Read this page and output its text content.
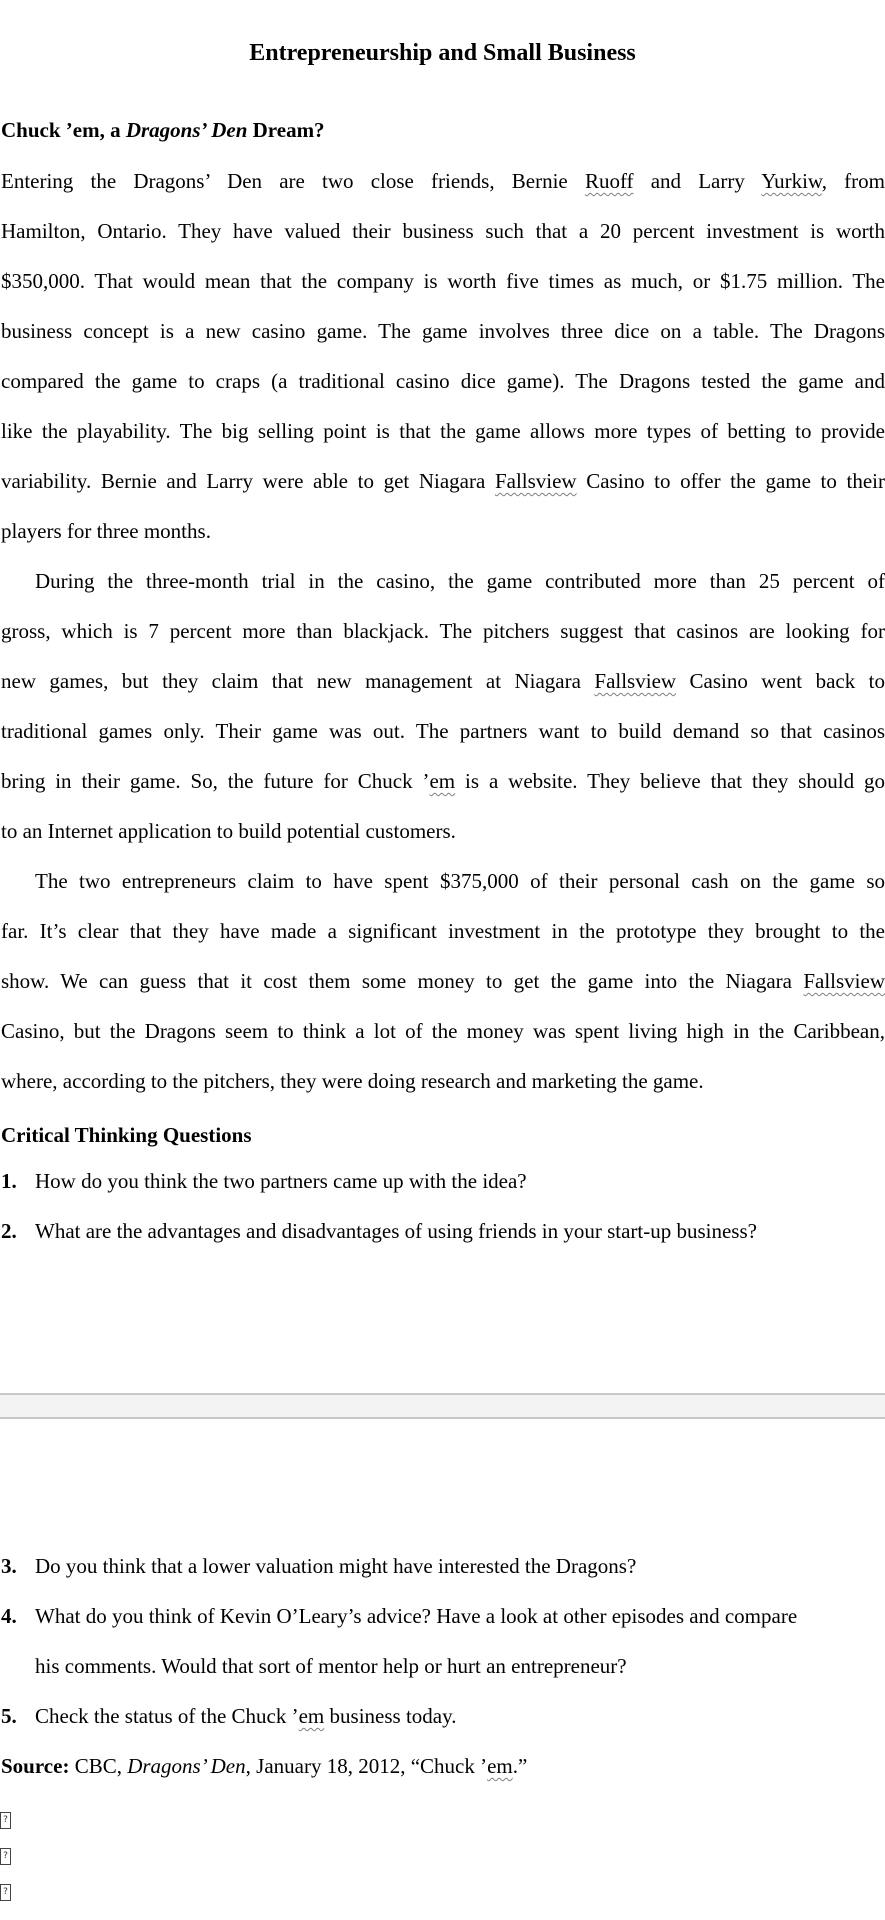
Entrepreneurship and Small Business
Chuck ’em, a Dragons’ Den Dream?
Entering the Dragons’ Den are two close friends, Bernie Ruoff and Larry Yurkiw, from
Hamilton, Ontario. They have valued their business such that a 20 percent investment is worth
$350,000. That would mean that the company is worth five times as much, or $1.75 million. The
business concept is a new casino game. The game involves three dice on a table. The Dragons
compared the game to craps (a traditional casino dice game). The Dragons tested the game and
like the playability. The big selling point is that the game allows more types of betting to provide
variability. Bernie and Larry were able to get Niagara Fallsview Casino to offer the game to their
players for three months.
During the three-month trial in the casino, the game contributed more than 25 percent of
gross, which is 7 percent more than blackjack. The pitchers suggest that casinos are looking for
new games, but they claim that new management at Niagara Fallsview Casino went back to
traditional games only. Their game was out. The partners want to build demand so that casinos
bring in their game. So, the future for Chuck ’em is a website. They believe that they should go
to an Internet application to build potential customers.
The two entrepreneurs claim to have spent $375,000 of their personal cash on the game so
far. It’s clear that they have made a significant investment in the prototype they brought to the
show. We can guess that it cost them some money to get the game into the Niagara Fallsview
Casino, but the Dragons seem to think a lot of the money was spent living high in the Caribbean,
where, according to the pitchers, they were doing research and marketing the game.
Critical Thinking Questions
1. How do you think the two partners came up with the idea?
2. What are the advantages and disadvantages of using friends in your start-up business?
3. Do you think that a lower valuation might have interested the Dragons?
4. What do you think of Kevin O’Leary’s advice? Have a look at other episodes and compare
his comments. Would that sort of mentor help or hurt an entrepreneur?
5. Check the status of the Chuck ’em business today.
Source: CBC, Dragons’ Den, January 18, 2012, “Chuck ’em.”
?
?
?
